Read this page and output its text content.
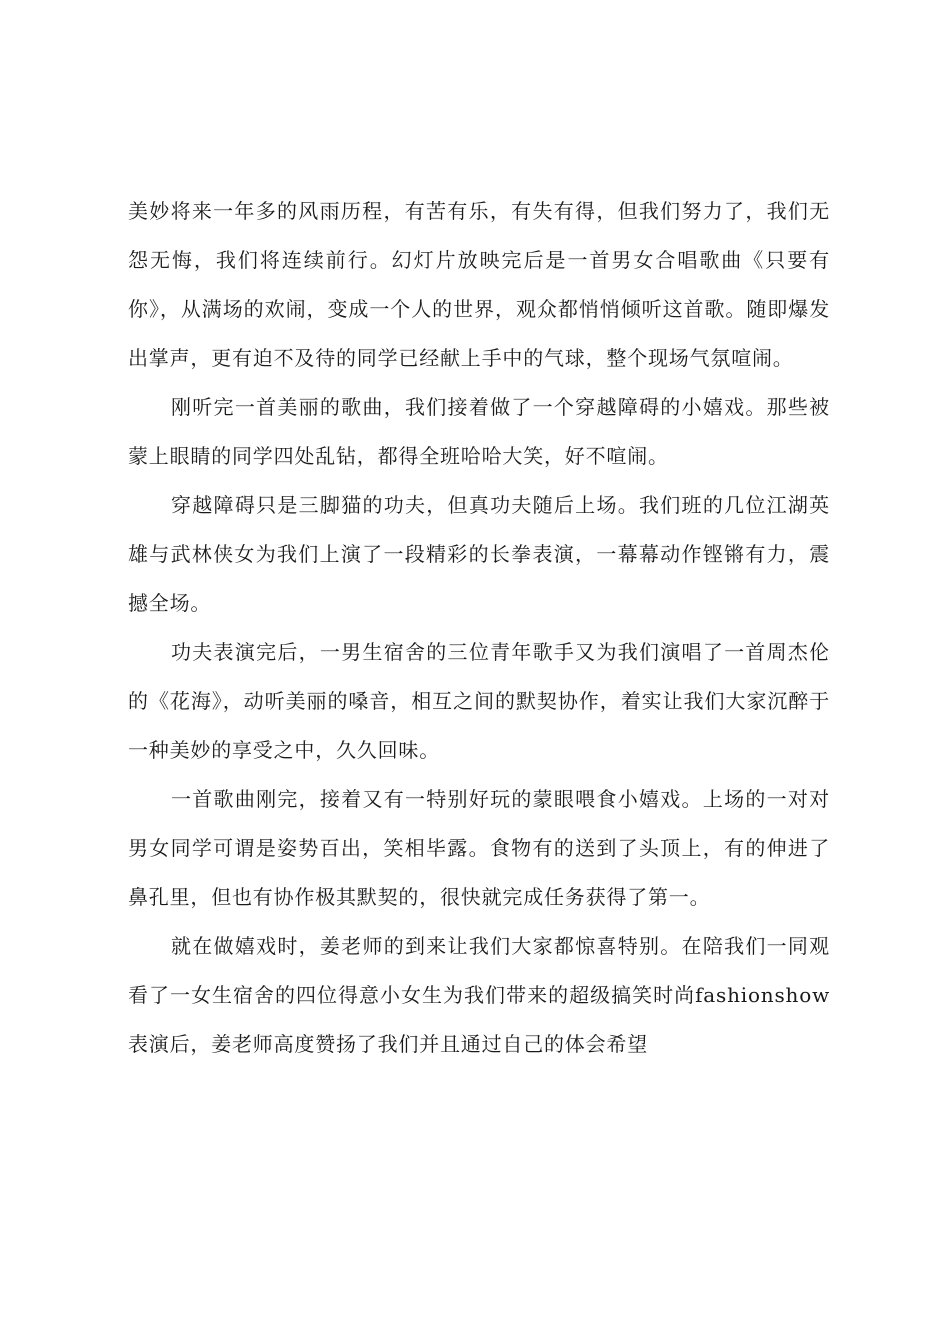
美妙将来一年多的风雨历程，有苦有乐，有失有得，但我们努力了，我们无怨无悔，我们将连续前行。幻灯片放映完后是一首男女合唱歌曲《只要有你》，从满场的欢闹，变成一个人的世界，观众都悄悄倾听这首歌。随即爆发出掌声，更有迫不及待的同学已经献上手中的气球，整个现场气氛喧闹。

刚听完一首美丽的歌曲，我们接着做了一个穿越障碍的小嬉戏。那些被蒙上眼睛的同学四处乱钻，都得全班哈哈大笑，好不喧闹。

穿越障碍只是三脚猫的功夫，但真功夫随后上场。我们班的几位江湖英雄与武林侠女为我们上演了一段精彩的长拳表演，一幕幕动作铿锵有力，震撼全场。

功夫表演完后，一男生宿舍的三位青年歌手又为我们演唱了一首周杰伦的《花海》，动听美丽的嗓音，相互之间的默契协作，着实让我们大家沉醉于一种美妙的享受之中，久久回味。

一首歌曲刚完，接着又有一特别好玩的蒙眼喂食小嬉戏。上场的一对对男女同学可谓是姿势百出，笑相毕露。食物有的送到了头顶上，有的伸进了鼻孔里，但也有协作极其默契的，很快就完成任务获得了第一。

就在做嬉戏时，姜老师的到来让我们大家都惊喜特别。在陪我们一同观看了一女生宿舍的四位得意小女生为我们带来的超级搞笑时尚fashionshow表演后，姜老师高度赞扬了我们并且通过自己的体会希望
